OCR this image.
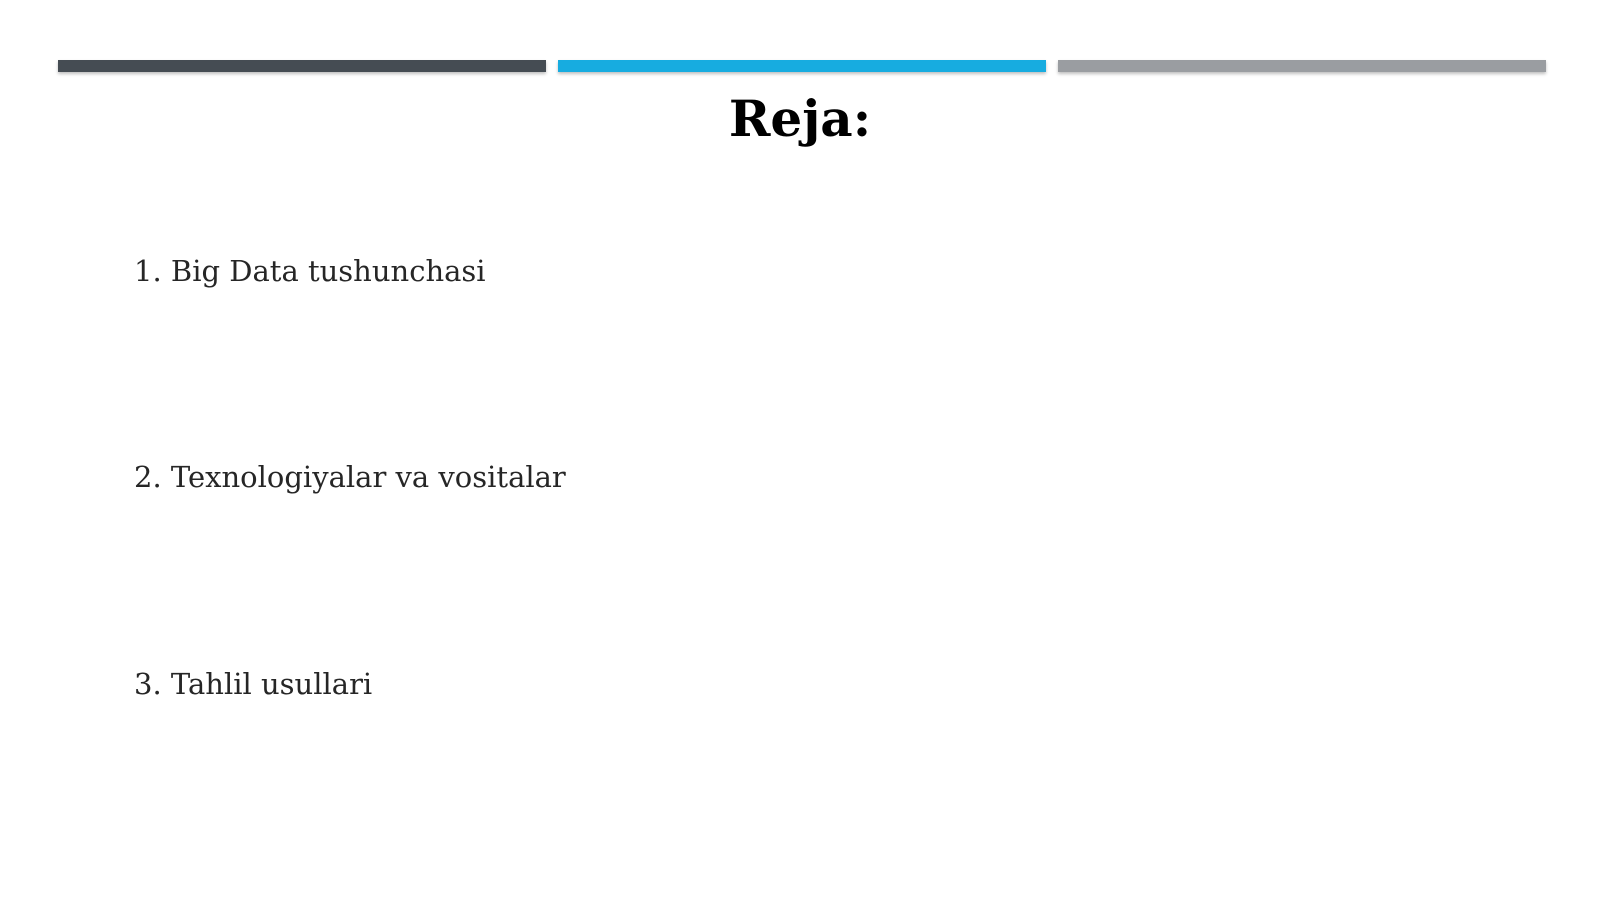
Reja:
1. Big Data tushunchasi
2. Texnologiyalar va vositalar
3. Tahlil usullari
